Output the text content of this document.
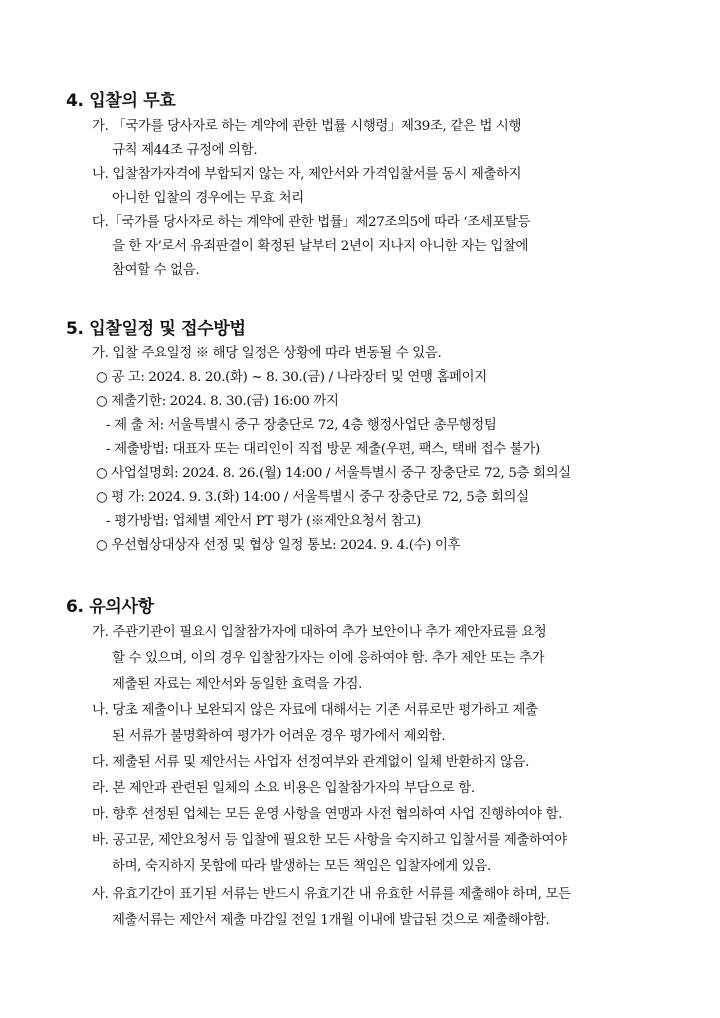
4. 입찰의 무효
가. 「국가를 당사자로 하는 계약에 관한 법률 시행령」제39조, 같은 법 시행
규칙 제44조 규정에 의함.
나. 입찰참가자격에 부합되지 않는 자, 제안서와 가격입찰서를 동시 제출하지
아니한 입찰의 경우에는 무효 처리
다.「국가를 당사자로 하는 계약에 관한 법률」제27조의5에 따라 ‘조세포탈등
을 한 자’로서 유죄판결이 확정된 날부터 2년이 지나지 아니한 자는 입찰에
참여할 수 없음.
5. 입찰일정 및 접수방법
가. 입찰 주요일정 ※ 해당 일정은 상황에 따라 변동될 수 있음.
○ 공 고: 2024. 8. 20.(화) ~ 8. 30.(금) / 나라장터 및 연맹 홈페이지
○ 제출기한: 2024. 8. 30.(금) 16:00 까지
- 제 출 처: 서울특별시 중구 장충단로 72, 4층 행정사업단 총무행정팀
- 제출방법: 대표자 또는 대리인이 직접 방문 제출(우편, 팩스, 택배 접수 불가)
○ 사업설명회: 2024. 8. 26.(월) 14:00 / 서울특별시 중구 장충단로 72, 5층 회의실
○ 평 가: 2024. 9. 3.(화) 14:00 / 서울특별시 중구 장충단로 72, 5층 회의실
- 평가방법: 업체별 제안서 PT 평가 (※제안요청서 참고)
○ 우선협상대상자 선정 및 협상 일정 통보: 2024. 9. 4.(수) 이후
6. 유의사항
가. 주관기관이 필요시 입찰참가자에 대하여 추가 보안이나 추가 제안자료를 요청
할 수 있으며, 이의 경우 입찰참가자는 이에 응하여야 함. 추가 제안 또는 추가
제출된 자료는 제안서와 동일한 효력을 가짐.
나. 당초 제출이나 보완되지 않은 자료에 대해서는 기존 서류로만 평가하고 제출
된 서류가 불명확하여 평가가 어려운 경우 평가에서 제외함.
다. 제출된 서류 및 제안서는 사업자 선정여부와 관계없이 일체 반환하지 않음.
라. 본 제안과 관련된 일체의 소요 비용은 입찰참가자의 부담으로 함.
마. 향후 선정된 업체는 모든 운영 사항을 연맹과 사전 협의하여 사업 진행하여야 함.
바. 공고문, 제안요청서 등 입찰에 필요한 모든 사항을 숙지하고 입찰서를 제출하여야
하며, 숙지하지 못함에 따라 발생하는 모든 책임은 입찰자에게 있음.
사. 유효기간이 표기된 서류는 반드시 유효기간 내 유효한 서류를 제출해야 하며, 모든
제출서류는 제안서 제출 마감일 전일 1개월 이내에 발급된 것으로 제출해야함.
